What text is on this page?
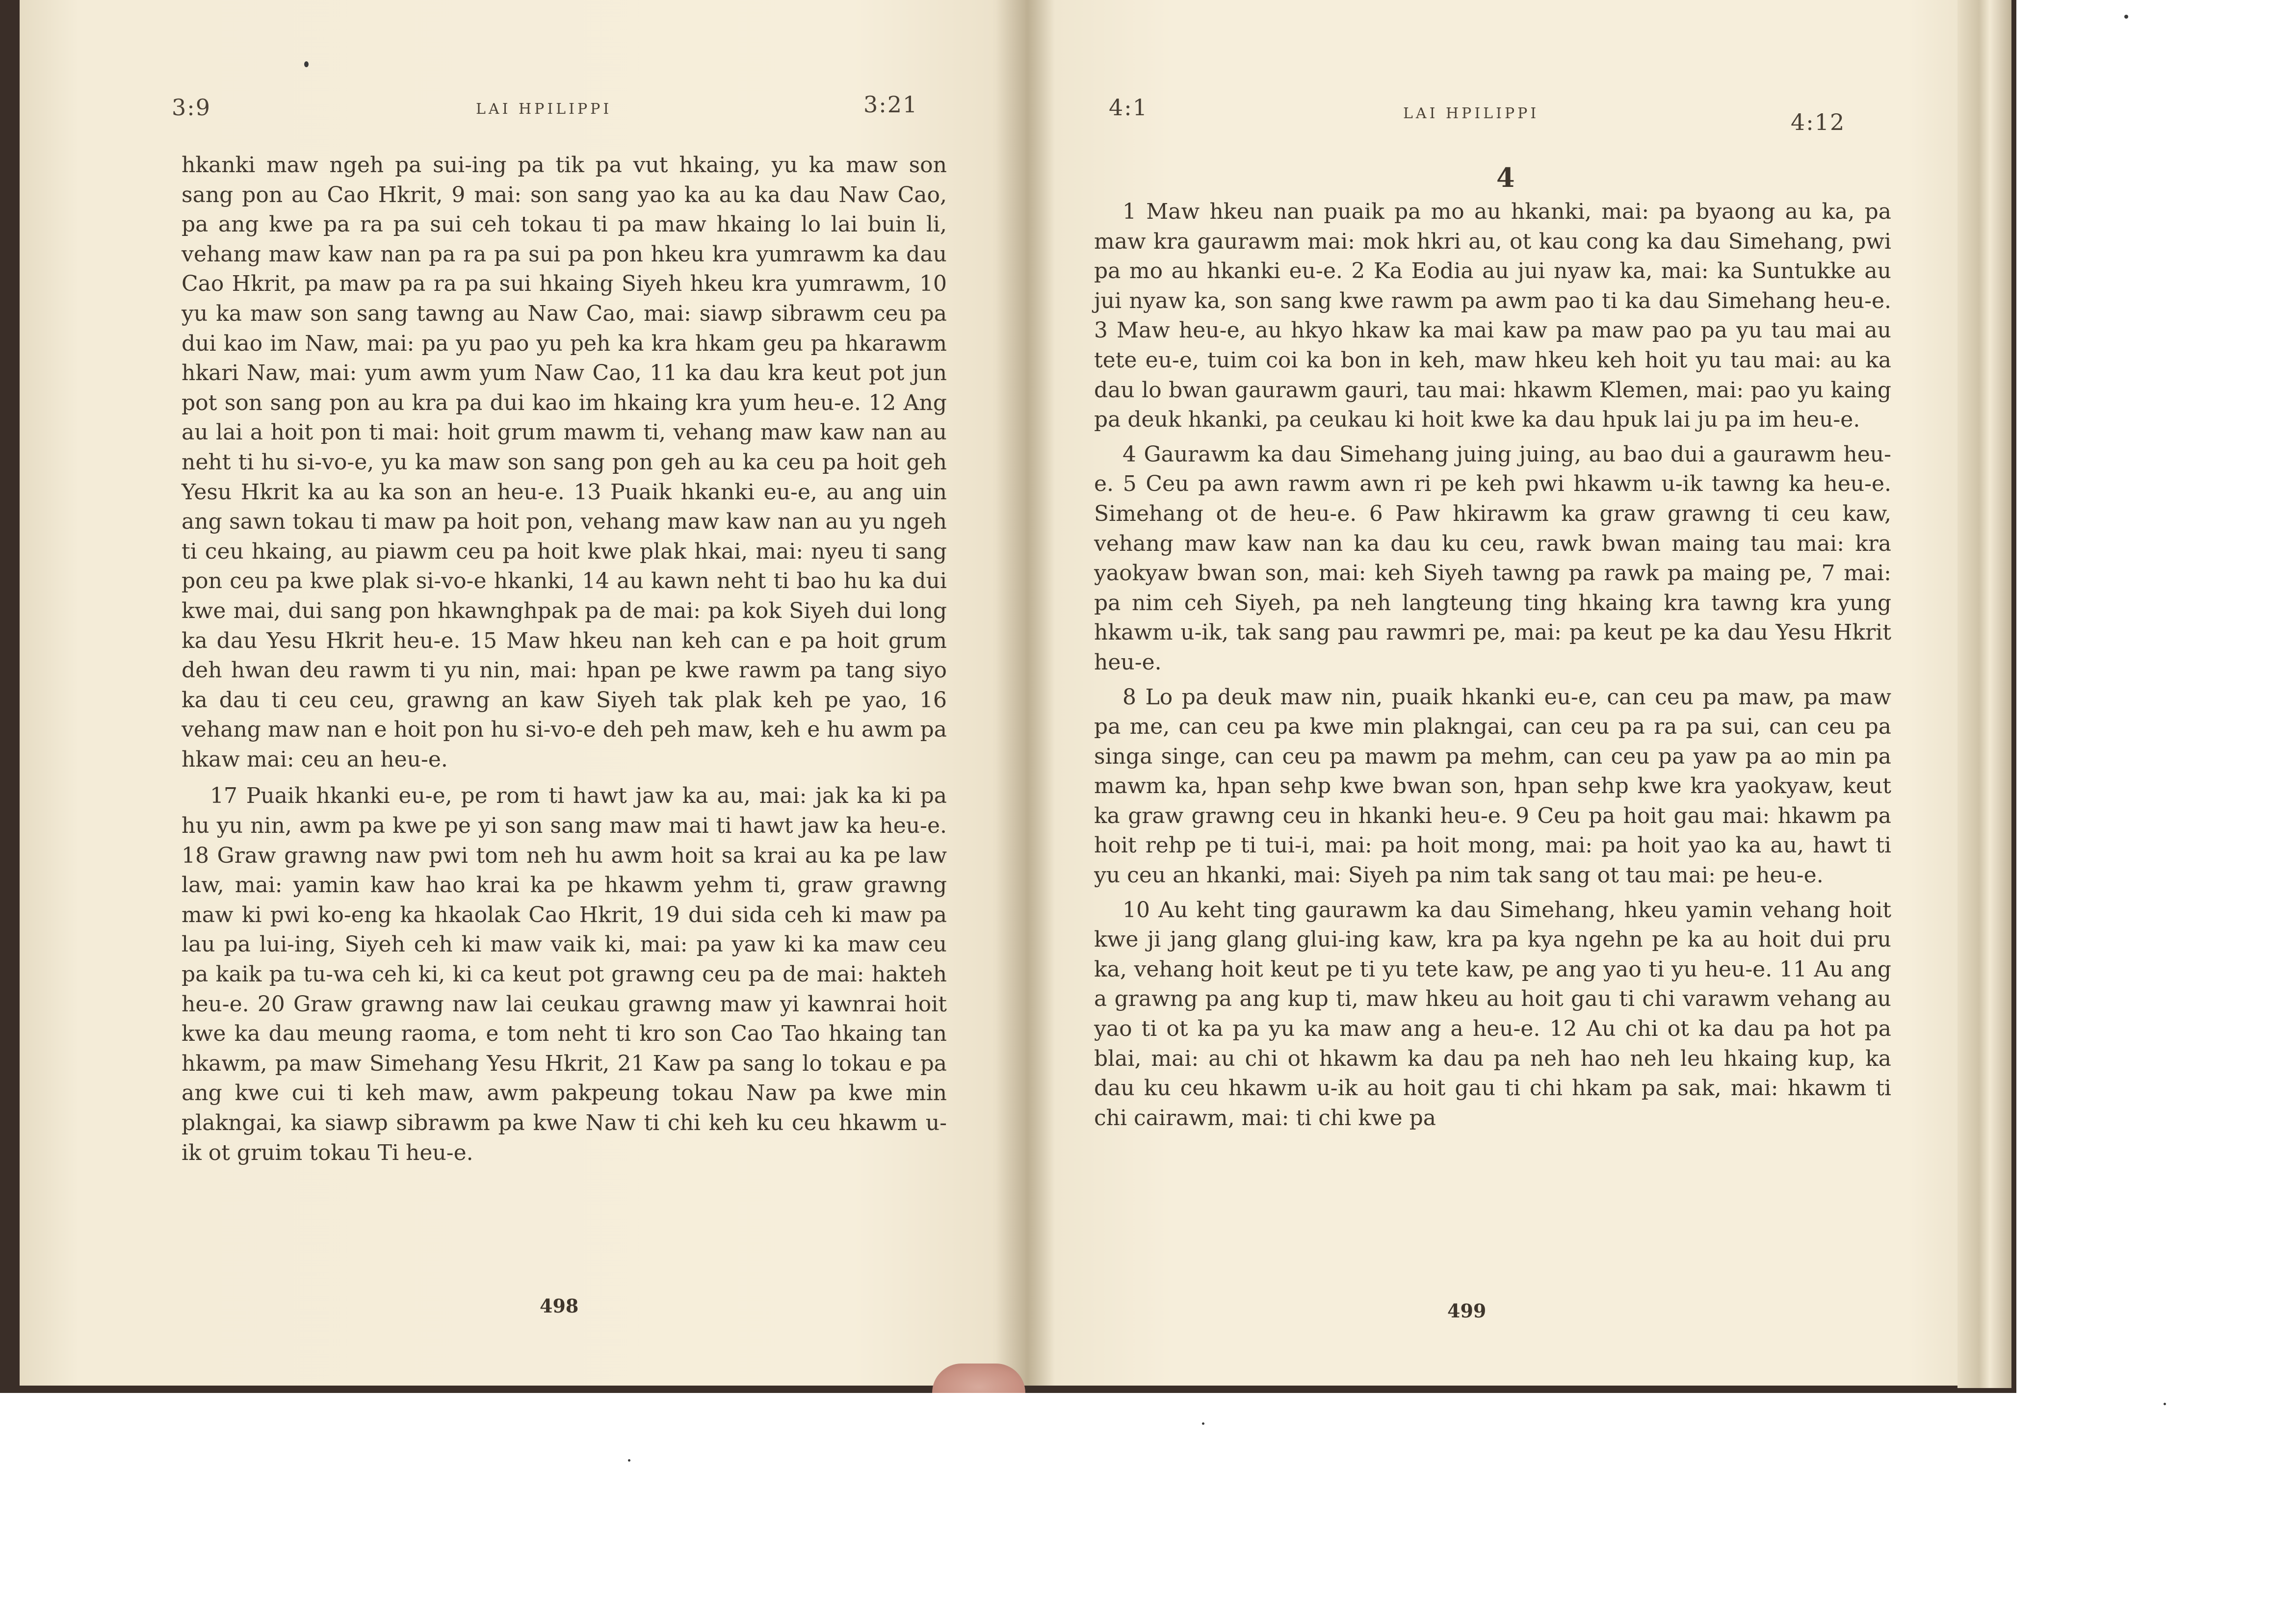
3:9	LAI HPILIPPI	3:21

hkanki maw ngeh pa sui-ing pa tik pa vut hkaing, yu ka maw son sang pon au Cao Hkrit, 9 mai: son sang yao ka au ka dau Naw Cao, pa ang kwe pa ra pa sui ceh tokau ti pa maw hkaing lo lai buin li, vehang maw kaw nan pa ra pa sui pa pon hkeu kra yumrawm ka dau Cao Hkrit, pa maw pa ra pa sui hkaing Siyeh hkeu kra yumrawm, 10 yu ka maw son sang tawng au Naw Cao, mai: siawp sibrawm ceu pa dui kao im Naw, mai: pa yu pao yu peh ka kra hkam geu pa hkarawm hkari Naw, mai: yum awm yum Naw Cao, 11 ka dau kra keut pot jun pot son sang pon au kra pa dui kao im hkaing kra yum heu-e. 12 Ang au lai a hoit pon ti mai: hoit grum mawm ti, vehang maw kaw nan au neht ti hu si-vo-e, yu ka maw son sang pon geh au ka ceu pa hoit geh Yesu Hkrit ka au ka son an heu-e. 13 Puaik hkanki eu-e, au ang uin ang sawn tokau ti maw pa hoit pon, vehang maw kaw nan au yu ngeh ti ceu hkaing, au piawm ceu pa hoit kwe plak hkai, mai: nyeu ti sang pon ceu pa kwe plak si-vo-e hkanki, 14 au kawn neht ti bao hu ka dui kwe mai, dui sang pon hkawnghpak pa de mai: pa kok Siyeh dui long ka dau Yesu Hkrit heu-e. 15 Maw hkeu nan keh can e pa hoit grum deh hwan deu rawm ti yu nin, mai: hpan pe kwe rawm pa tang siyo ka dau ti ceu ceu, grawng an kaw Siyeh tak plak keh pe yao, 16 vehang maw nan e hoit pon hu si-vo-e deh peh maw, keh e hu awm pa hkaw mai: ceu an heu-e.

17 Puaik hkanki eu-e, pe rom ti hawt jaw ka au, mai: jak ka ki pa hu yu nin, awm pa kwe pe yi son sang maw mai ti hawt jaw ka heu-e. 18 Graw grawng naw pwi tom neh hu awm hoit sa krai au ka pe law law, mai: yamin kaw hao krai ka pe hkawm yehm ti, graw grawng maw ki pwi ko-eng ka hkaolak Cao Hkrit, 19 dui sida ceh ki maw pa lau pa lui-ing, Siyeh ceh ki maw vaik ki, mai: pa yaw ki ka maw ceu pa kaik pa tu-wa ceh ki, ki ca keut pot grawng ceu pa de mai: hakteh heu-e. 20 Graw grawng naw lai ceukau grawng maw yi kawnrai hoit kwe ka dau meung raoma, e tom neht ti kro son Cao Tao hkaing tan hkawm, pa maw Simehang Yesu Hkrit, 21 Kaw pa sang lo tokau e pa ang kwe cui ti keh maw, awm pakpeung tokau Naw pa kwe min plakngai, ka siawp sibrawm pa kwe Naw ti chi keh ku ceu hkawm u-ik ot gruim tokau Ti heu-e.

498
4:1	LAI HPILIPPI	4:12
4

1 Maw hkeu nan puaik pa mo au hkanki, mai: pa byaong au ka, pa maw kra gaurawm mai: mok hkri au, ot kau cong ka dau Simehang, pwi pa mo au hkanki eu-e. 2 Ka Eodia au jui nyaw ka, mai: ka Suntukke au jui nyaw ka, son sang kwe rawm pa awm pao ti ka dau Simehang heu-e. 3 Maw heu-e, au hkyo hkaw ka mai kaw pa maw pao pa yu tau mai au tete eu-e, tuim coi ka bon in keh, maw hkeu keh hoit yu tau mai: au ka dau lo bwan gaurawm gauri, tau mai: hkawm Klemen, mai: pao yu kaing pa deuk hkanki, pa ceukau ki hoit kwe ka dau hpuk lai ju pa im heu-e.

4 Gaurawm ka dau Simehang juing juing, au bao dui a gaurawm heu-e. 5 Ceu pa awn rawm awn ri pe keh pwi hkawm u-ik tawng ka heu-e. Simehang ot de heu-e. 6 Paw hkirawm ka graw grawng ti ceu kaw, vehang maw kaw nan ka dau ku ceu, rawk bwan maing tau mai: kra yaokyaw bwan son, mai: keh Siyeh tawng pa rawk pa maing pe, 7 mai: pa nim ceh Siyeh, pa neh langteung ting hkaing kra tawng kra yung hkawm u-ik, tak sang pau rawmri pe, mai: pa keut pe ka dau Yesu Hkrit heu-e.

8 Lo pa deuk maw nin, puaik hkanki eu-e, can ceu pa maw, pa maw pa me, can ceu pa kwe min plakngai, can ceu pa ra pa sui, can ceu pa singa singe, can ceu pa mawm pa mehm, can ceu pa yaw pa ao min pa mawm ka, hpan sehp kwe bwan son, hpan sehp kwe kra yaokyaw, keut ka graw grawng ceu in hkanki heu-e. 9 Ceu pa hoit gau mai: hkawm pa hoit rehp pe ti tui-i, mai: pa hoit mong, mai: pa hoit yao ka au, hawt ti yu ceu an hkanki, mai: Siyeh pa nim tak sang ot tau mai: pe heu-e.

10 Au keht ting gaurawm ka dau Simehang, hkeu yamin vehang hoit kwe ji jang glang glui-ing kaw, kra pa kya ngehn pe ka au hoit dui pru ka, vehang hoit keut pe ti yu tete kaw, pe ang yao ti yu heu-e. 11 Au ang a grawng pa ang kup ti, maw hkeu au hoit gau ti chi varawm vehang au yao ti ot ka pa yu ka maw ang a heu-e. 12 Au chi ot ka dau pa hot pa blai, mai: au chi ot hkawm ka dau pa neh hao neh leu hkaing kup, ka dau ku ceu hkawm u-ik au hoit gau ti chi hkam pa sak, mai: hkawm ti chi cairawm, mai: ti chi kwe pa

499
